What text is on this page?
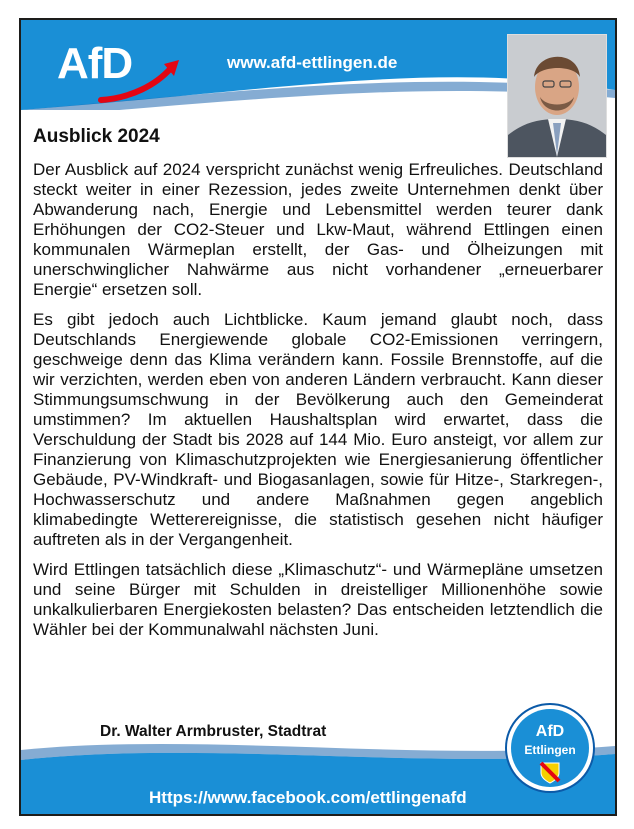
AfD	www.afd-ettlingen.de
Ausblick 2024

Der Ausblick auf 2024 verspricht zunächst wenig Erfreuliches. Deutschland steckt weiter in einer Rezession, jedes zweite Unternehmen denkt über Abwanderung nach, Energie und Lebensmittel werden teurer dank Erhöhungen der CO2-Steuer und Lkw-Maut, während Ettlingen einen kommunalen Wärmeplan erstellt, der Gas- und Ölheizungen mit unerschwinglicher Nahwärme aus nicht vorhandener „erneuerbarer Energie“ ersetzen soll.

Es gibt jedoch auch Lichtblicke. Kaum jemand glaubt noch, dass Deutschlands Energiewende globale CO2-Emissionen verringern, geschweige denn das Klima verändern kann. Fossile Brennstoffe, auf die wir verzichten, werden eben von anderen Ländern verbraucht. Kann dieser Stimmungsumschwung in der Bevölkerung auch den Gemeinderat umstimmen? Im aktuellen Haushaltsplan wird erwartet, dass die Verschuldung der Stadt bis 2028 auf 144 Mio. Euro ansteigt, vor allem zur Finanzierung von Klimaschutzprojekten wie Energiesanierung öffentlicher Gebäude, PV-Windkraft- und Biogasanlagen, sowie für Hitze-, Starkregen-, Hochwasserschutz und andere Maßnahmen gegen angeblich klimabedingte Wetterereignisse, die statistisch gesehen nicht häufiger auftreten als in der Vergangenheit.

Wird Ettlingen tatsächlich diese „Klimaschutz“- und Wärmepläne umsetzen und seine Bürger mit Schulden in dreistelliger Millionenhöhe sowie unkalkulierbaren Energiekosten belasten? Das entscheiden letztendlich die Wähler bei der Kommunalwahl nächsten Juni.

Dr. Walter Armbruster, Stadtrat
Https://www.facebook.com/ettlingenafd
AfD
Ettlingen
